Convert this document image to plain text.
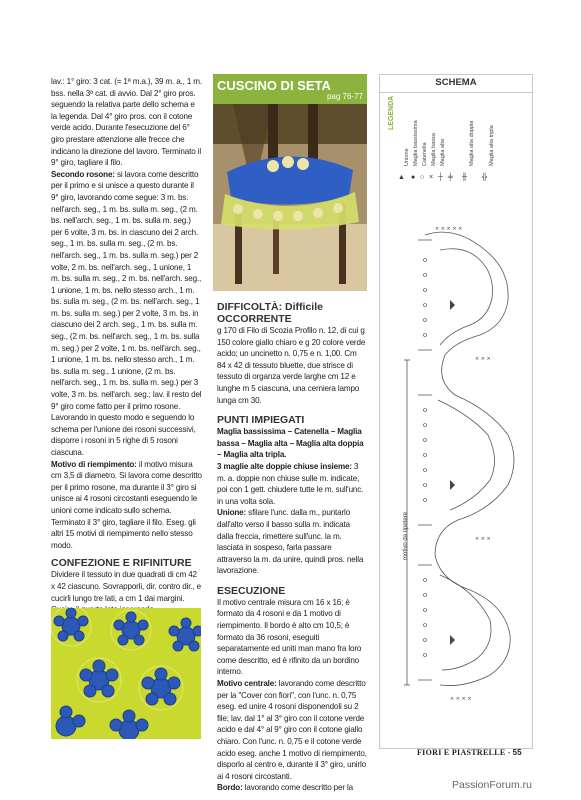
lav.: 1° giro: 3 cat. (= 1ª m.a.), 39 m. a., 1 m. bss. nella 3ª cat. di avvio. Dal 2° giro pros. seguendo la relativa parte dello schema e la legenda. Dal 4° giro pros. con il cotone verde acido. Durante l'esecuzione del 6° giro prestare attenzione alle frecce che indicano la direzione del lavoro. Terminato il 9° giro, tagliare il filo.

Secondo rosone: si lavora come descritto per il primo e si unisce a questo durante il 9° giro, lavorando come segue: 3 m. bs. nell'arch. seg., 1 m. bs. sulla m. seg., (2 m. bs. nell'arch. seg., 1 m. bs. sulla m. seg.) per 6 volte, 3 m. bs. in ciascuno dei 2 arch. seg., 1 m. bs. sulla m. seg., (2 m. bs. nell'arch. seg., 1 m. bs. sulla m. seg.) per 2 volte, 2 m. bs. nell'arch. seg., 1 unione, 1 m. bs. sulla m. seg., 2 m. bs. nell'arch. seg., 1 unione, 1 m. bs. nello stesso arch., 1 m. bs. sulla m. seg., (2 m. bs. nell'arch. seg., 1 m. bs. sulla m. seg.) per 2 volte, 3 m. bs. in ciascuno dei 2 arch. seg., 1 m. bs. sulla m. seg., (2 m. bs. nell'arch. seg., 1 m. bs. sulla m. seg.) per 2 volte, 1 m. bs. nell'arch. seg., 1 unione, 1 m. bs. nello stesso arch., 1 m. bs. sulla m. seg., 1 unione, (2 m. bs. nell'arch. seg., 1 m. bs. sulla m. seg.) per 3 volte, 3 m. bs. nell'arch. seg.; lav. il resto del 9° giro come fatto per il primo rosone. Lavorando in questo modo e seguendo lo schema per l'unione dei rosoni successivi, disporre i rosoni in 5 righe di 5 rosoni ciascuna.

Motivo di riempimento: il motivo misura cm 3,5 di diametro. Si lavora come descritto per il primo rosone, ma durante il 3° giro si unisce ai 4 rosoni circostanti eseguendo le unioni come indicato sullo schema. Terminato il 3° giro, tagliare il filo. Eseg. gli altri 15 motivi di riempimento nello stesso modo.

CONFEZIONE E RIFINITURE

Dividere il tessuto in due quadrati di cm 42 x 42 ciascuno. Sovrapporli, dir. contro dir., e cucirli lungo tre lati, a cm 1 dai margini.

CUSCINO DI SETA
pag 76-77
DIFFICOLTÀ: Difficile
OCCORRENTE

g 170 di Filo di Scozia Profilo n. 12, di cui g 150 colore giallo chiaro e g 20 colore verde acido; un uncinetto n. 0,75 e n. 1,00. Cm 84 x 42 di tessuto bluette, due strisce di tessuto di organza verde larghe cm 12 e lunghe m 5 ciascuna, una cerniera lampo lunga cm 30.

PUNTI IMPIEGATI

Maglia bassissima – Catenella – Maglia bassa – Maglia alta – Maglia alta doppia – Maglia alta tripla.

3 maglie alte doppie chiuse insieme: 3 m. a. doppie non chiuse sulle m. indicate, poi con 1 gett. chiudere tutte le m. sull'unc. in una volta sola.

Unione: sfilare l'unc. dalla m., puntarlo dall'alto verso il basso sulla m. indicata dalla freccia, rimettere sull'unc. la m. lasciata in sospeso, farla passare attraverso la m. da unire, quindi pros. nella lavorazione.

ESECUZIONE

Il motivo centrale misura cm 16 x 16; è formato da 4 rosoni e da 1 motivo di riempimento. Il bordo è alto cm 10,5; è formato da 36 rosoni, eseguiti separatamente ed uniti man mano fra loro come descritto, ed è rifinito da un bordino interno.

Motivo centrale: lavorando come descritto per la "Cover con fiori", con l'unc. n. 0,75 eseg. ed unire 4 rosoni disponendoli su 2 file; lav. dal 1° al 3° giro con il cotone verde acido e dal 4° al 9° giro con il cotone giallo chiaro. Con l'unc. n. 0,75 e il cotone verde acido eseg. anche 1 motivo di riempimento, disporlo al centro e, durante il 3° giro, unirlo ai 4 rosoni circostanti.

Bordo: lavorando come descritto per la

SCHEMA
LEGENDA
▲ ● ○ × ┼ ╪ ╫ ╬
Unione Maglia bassissima Catenella Maglia bassa Maglia alta	Maglia alta doppia	Maglia alta tripla
× × × × ×
× × ×
× × ×
× × × ×
motivo da ripetere
FIORI E PIASTRELLE - 55
PassionForum.ru
